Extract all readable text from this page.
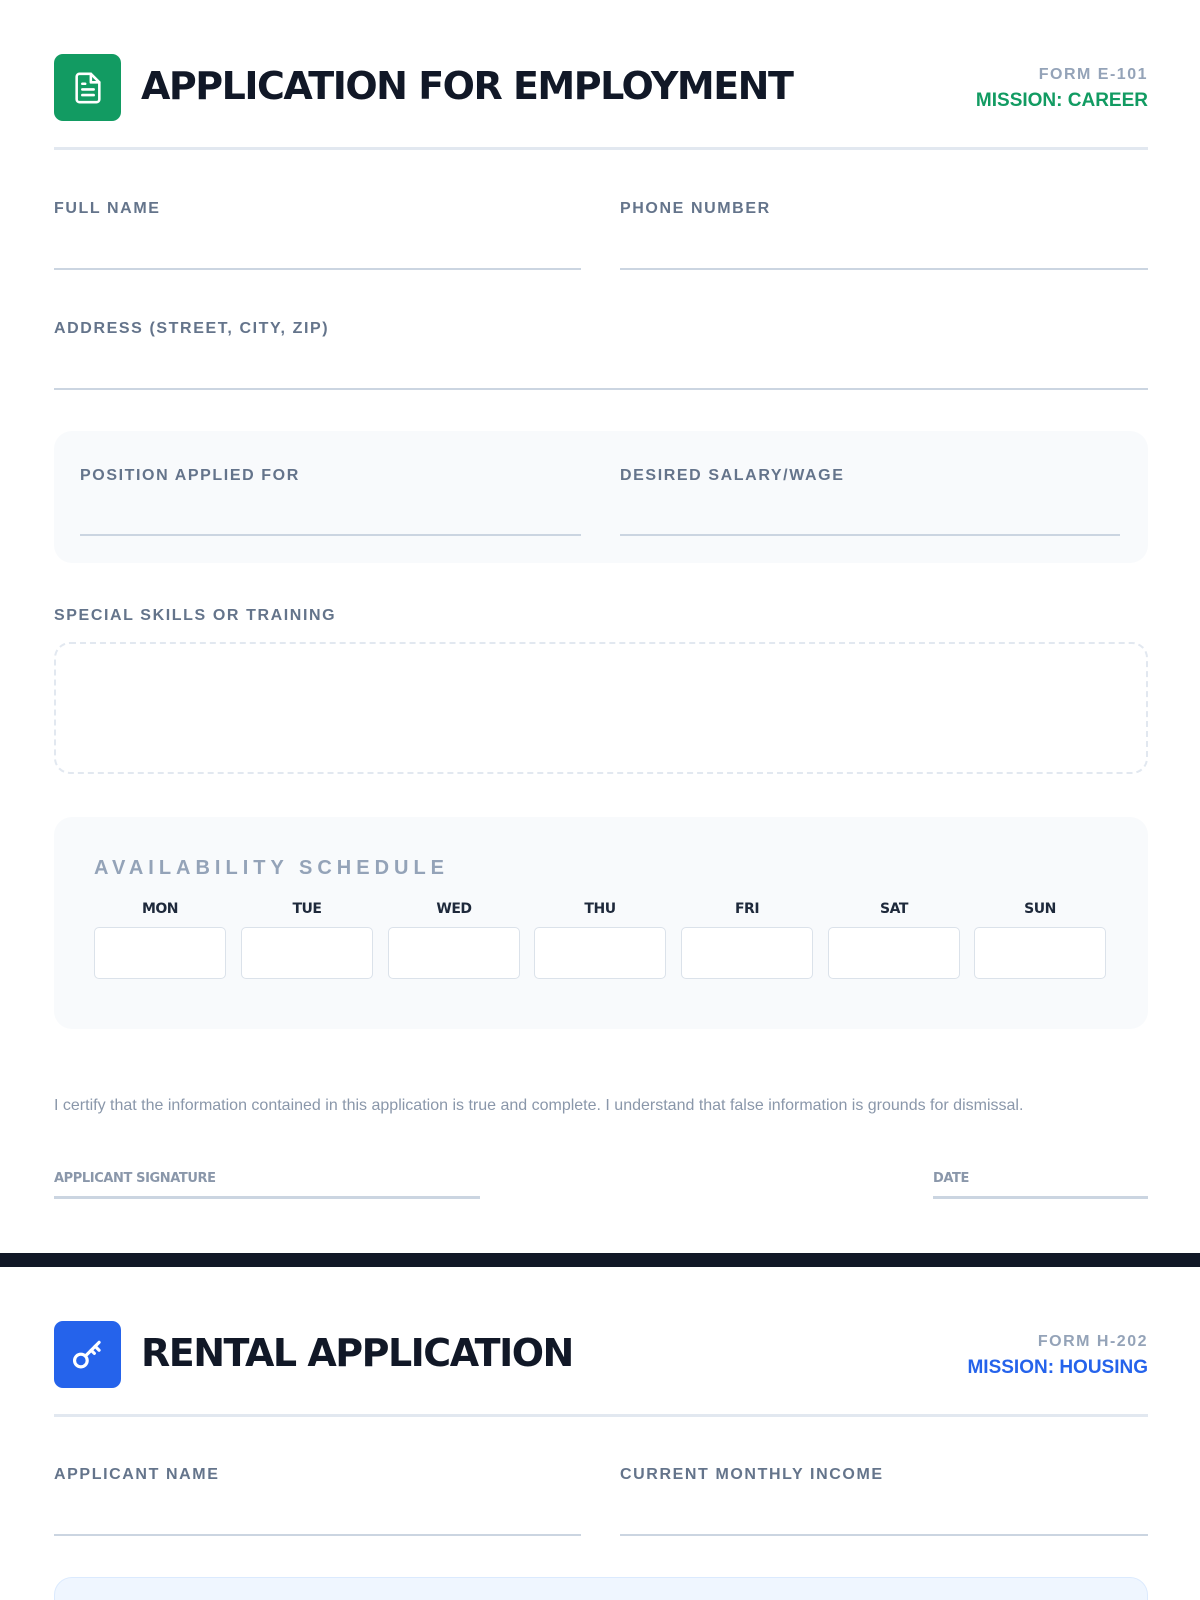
APPLICATION FOR EMPLOYMENT	FORM E-101
MISSION: CAREER
FULL NAME	PHONE NUMBER
ADDRESS (STREET, CITY, ZIP)
POSITION APPLIED FOR	DESIRED SALARY/WAGE
SPECIAL SKILLS OR TRAINING
AVAILABILITY SCHEDULE
MON	TUE	WED	THU	FRI	SAT	SUN
I certify that the information contained in this application is true and complete. I understand that false information is grounds for dismissal.
APPLICANT SIGNATURE	DATE
RENTAL APPLICATION	FORM H-202
MISSION: HOUSING
APPLICANT NAME	CURRENT MONTHLY INCOME
